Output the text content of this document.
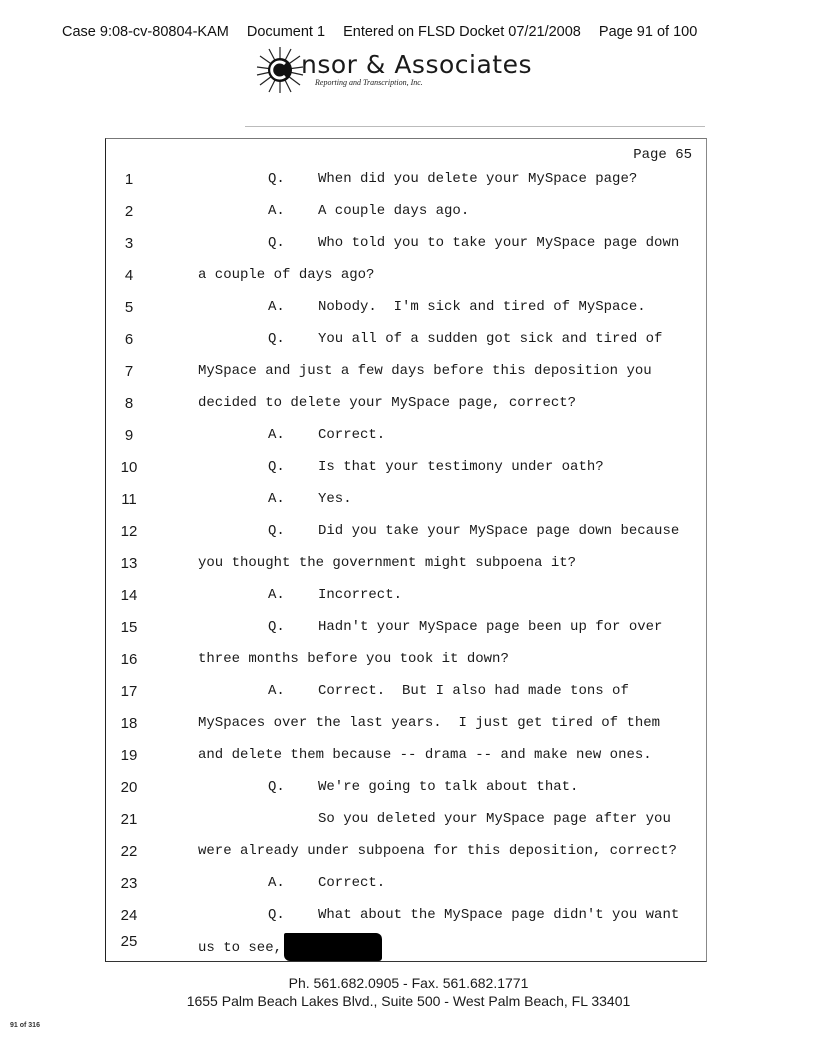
Case 9:08-cv-80804-KAM Document 1 Entered on FLSD Docket 07/21/2008 Page 91 of 100
nsor & Associates
Reporting and Transcription, Inc.
Page 65
1	Q. When did you delete your MySpace page?
2	A. A couple days ago.
3	Q. Who told you to take your MySpace page down
4	a couple of days ago?
5	A. Nobody.  I'm sick and tired of MySpace.
6	Q. You all of a sudden got sick and tired of
7	MySpace and just a few days before this deposition you
8	decided to delete your MySpace page, correct?
9	A. Correct.
10	Q. Is that your testimony under oath?
11	A. Yes.
12	Q. Did you take your MySpace page down because
13	you thought the government might subpoena it?
14	A. Incorrect.
15	Q. Hadn't your MySpace page been up for over
16	three months before you took it down?
17	A. Correct.  But I also had made tons of
18	MySpaces over the last years.  I just get tired of them
19	and delete them because -- drama -- and make new ones.
20	Q. We're going to talk about that.
21	So you deleted your MySpace page after you
22	were already under subpoena for this deposition, correct?
23	A. Correct.
24	Q. What about the MySpace page didn't you want
25	us to see,
Ph. 561.682.0905 - Fax. 561.682.1771
1655 Palm Beach Lakes Blvd., Suite 500 - West Palm Beach, FL 33401
91 of 316
